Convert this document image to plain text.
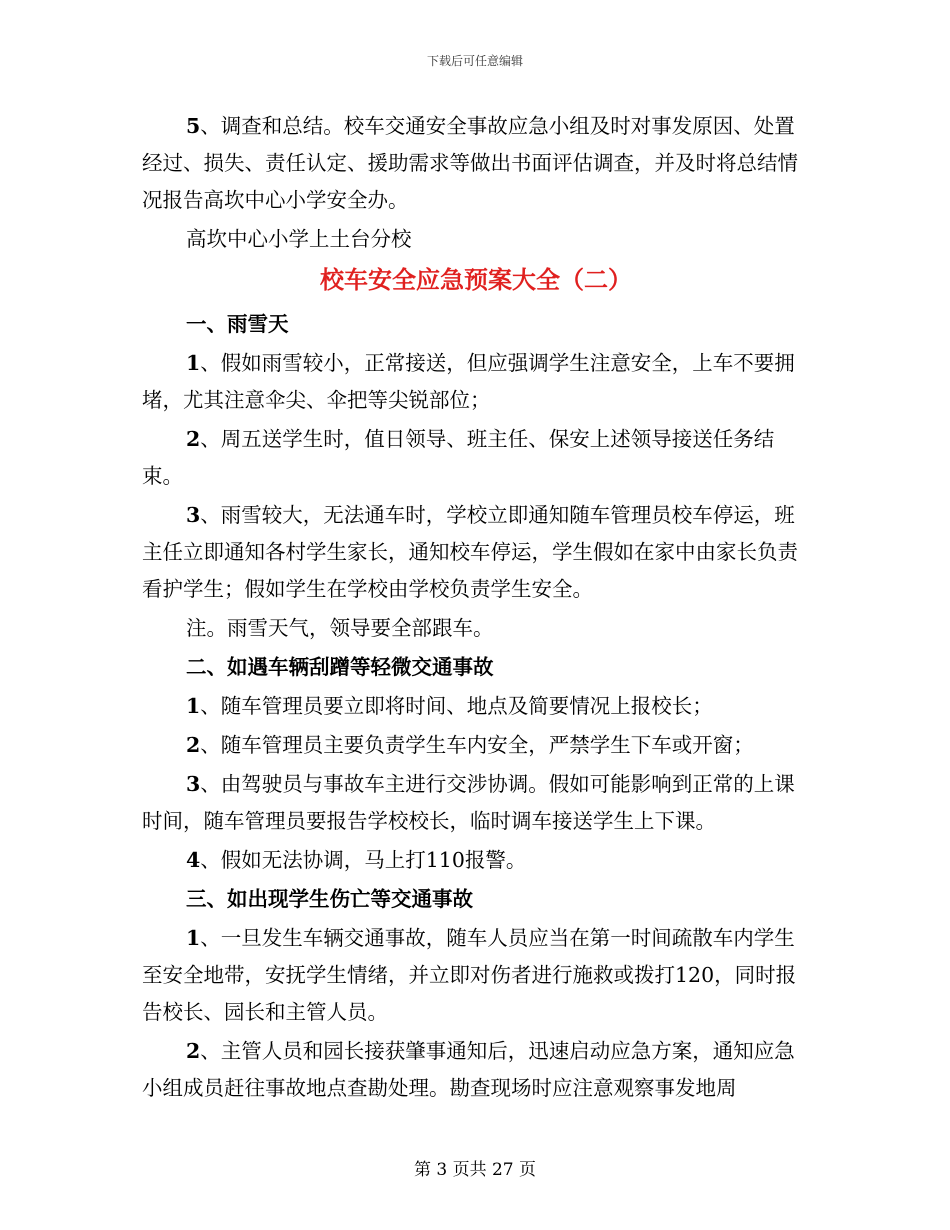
下载后可任意编辑

5、调查和总结。校车交通安全事故应急小组及时对事发原因、处置经过、损失、责任认定、援助需求等做出书面评估调查，并及时将总结情况报告高坎中心小学安全办。

高坎中心小学上土台分校

校车安全应急预案大全（二）

一、雨雪天

1、假如雨雪较小，正常接送，但应强调学生注意安全，上车不要拥堵，尤其注意伞尖、伞把等尖锐部位；

2、周五送学生时，值日领导、班主任、保安上述领导接送任务结束。

3、雨雪较大，无法通车时，学校立即通知随车管理员校车停运，班主任立即通知各村学生家长，通知校车停运，学生假如在家中由家长负责看护学生；假如学生在学校由学校负责学生安全。

注。雨雪天气，领导要全部跟车。

二、如遇车辆刮蹭等轻微交通事故

1、随车管理员要立即将时间、地点及简要情况上报校长；

2、随车管理员主要负责学生车内安全，严禁学生下车或开窗；

3、由驾驶员与事故车主进行交涉协调。假如可能影响到正常的上课时间，随车管理员要报告学校校长，临时调车接送学生上下课。

4、假如无法协调，马上打110报警。

三、如出现学生伤亡等交通事故

1、一旦发生车辆交通事故，随车人员应当在第一时间疏散车内学生至安全地带，安抚学生情绪，并立即对伤者进行施救或拨打120，同时报告校长、园长和主管人员。

2、主管人员和园长接获肇事通知后，迅速启动应急方案，通知应急小组成员赶往事故地点查勘处理。勘查现场时应注意观察事发地周

第 3 页共 27 页
